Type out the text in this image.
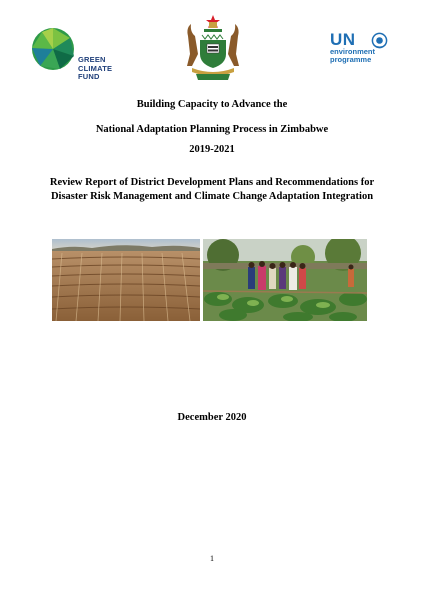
GREEN
CLIMATE
FUND
UN
environment
programme
Building Capacity to Advance the
National Adaptation Planning Process in Zimbabwe
2019-2021
Review Report of District Development Plans and Recommendations for Disaster Risk Management and Climate Change Adaptation Integration
December 2020
1
